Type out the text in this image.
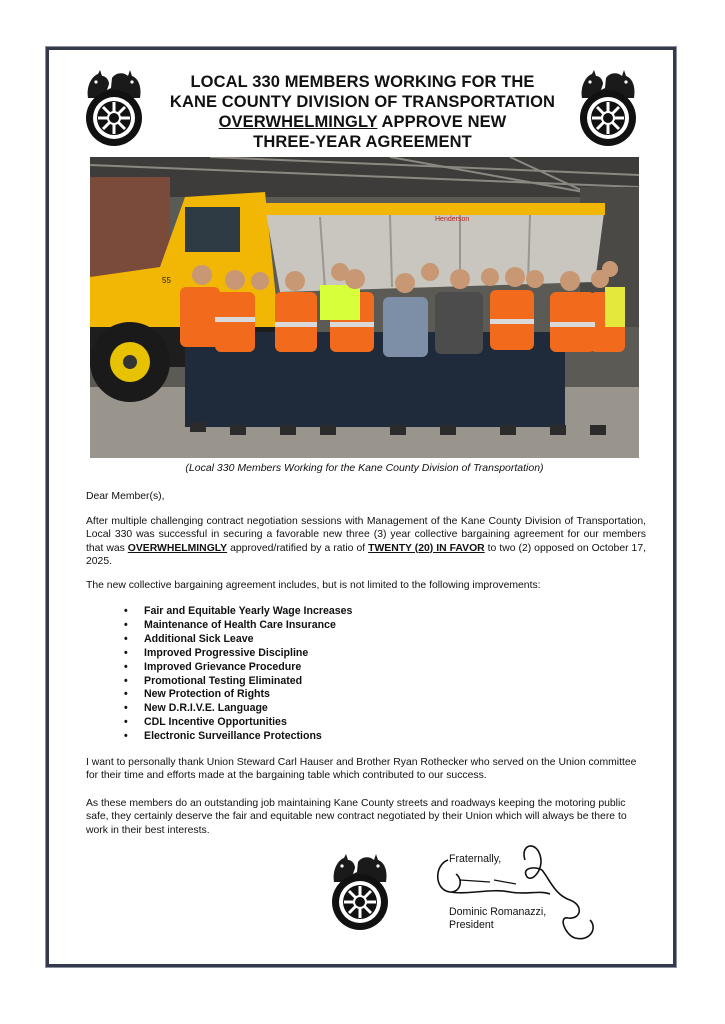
LOCAL 330 MEMBERS WORKING FOR THE
KANE COUNTY DIVISION OF TRANSPORTATION
OVERWHELMINGLY APPROVE NEW
THREE-YEAR AGREEMENT
Henderson
55
(Local 330 Members Working for the Kane County Division of Transportation)
Dear Member(s),
After multiple challenging contract negotiation sessions with Management of the Kane County Division of Transportation, Local 330 was successful in securing a favorable new three (3) year collective bargaining agreement for our members that was OVERWHELMINGLY approved/ratified by a ratio of TWENTY (20) IN FAVOR to two (2) opposed on October 17, 2025.
The new collective bargaining agreement includes, but is not limited to the following improvements:
• Fair and Equitable Yearly Wage Increases
• Maintenance of Health Care Insurance
• Additional Sick Leave
• Improved Progressive Discipline
• Improved Grievance Procedure
• Promotional Testing Eliminated
• New Protection of Rights
• New D.R.I.V.E. Language
• CDL Incentive Opportunities
• Electronic Surveillance Protections
I want to personally thank Union Steward Carl Hauser and Brother Ryan Rothecker who served on the Union committee for their time and efforts made at the bargaining table which contributed to our success.
As these members do an outstanding job maintaining Kane County streets and roadways keeping the motoring public safe, they certainly deserve the fair and equitable new contract negotiated by their Union which will always be there to work in their best interests.
Fraternally,
Dominic Romanazzi,
President
